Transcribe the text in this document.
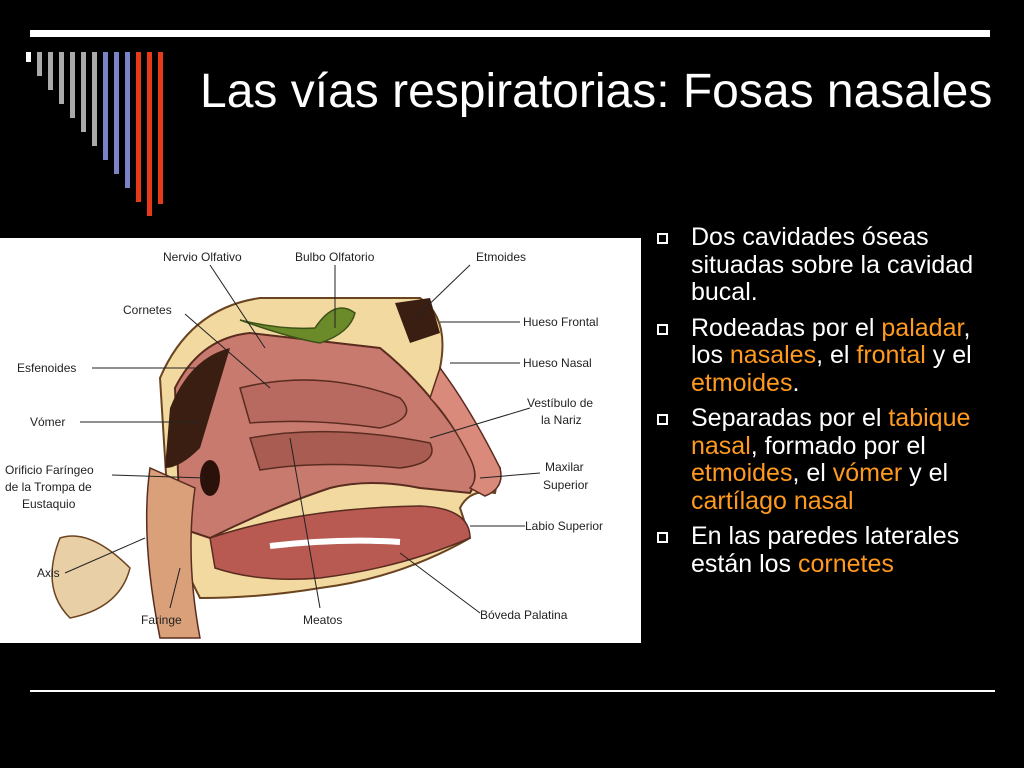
Las vías respiratorias: Fosas nasales
Nervio Olfativo	Bulbo Olfatorio	Etmoides
Cornetes
Hueso Frontal
Esfenoides	Hueso Nasal
Vestíbulo de
la Nariz
Vómer
Orificio Faríngeo
de la Trompa de
Eustaquio
Maxilar
Superior
Labio Superior
Axis
Faringe	Meatos	Bóveda Palatina
Dos cavidades óseas situadas sobre la cavidad bucal.
Rodeadas por el paladar, los nasales, el frontal y el etmoides.
Separadas por el tabique nasal, formado por el etmoides, el vómer y el cartílago nasal
En las paredes laterales están los cornetes
